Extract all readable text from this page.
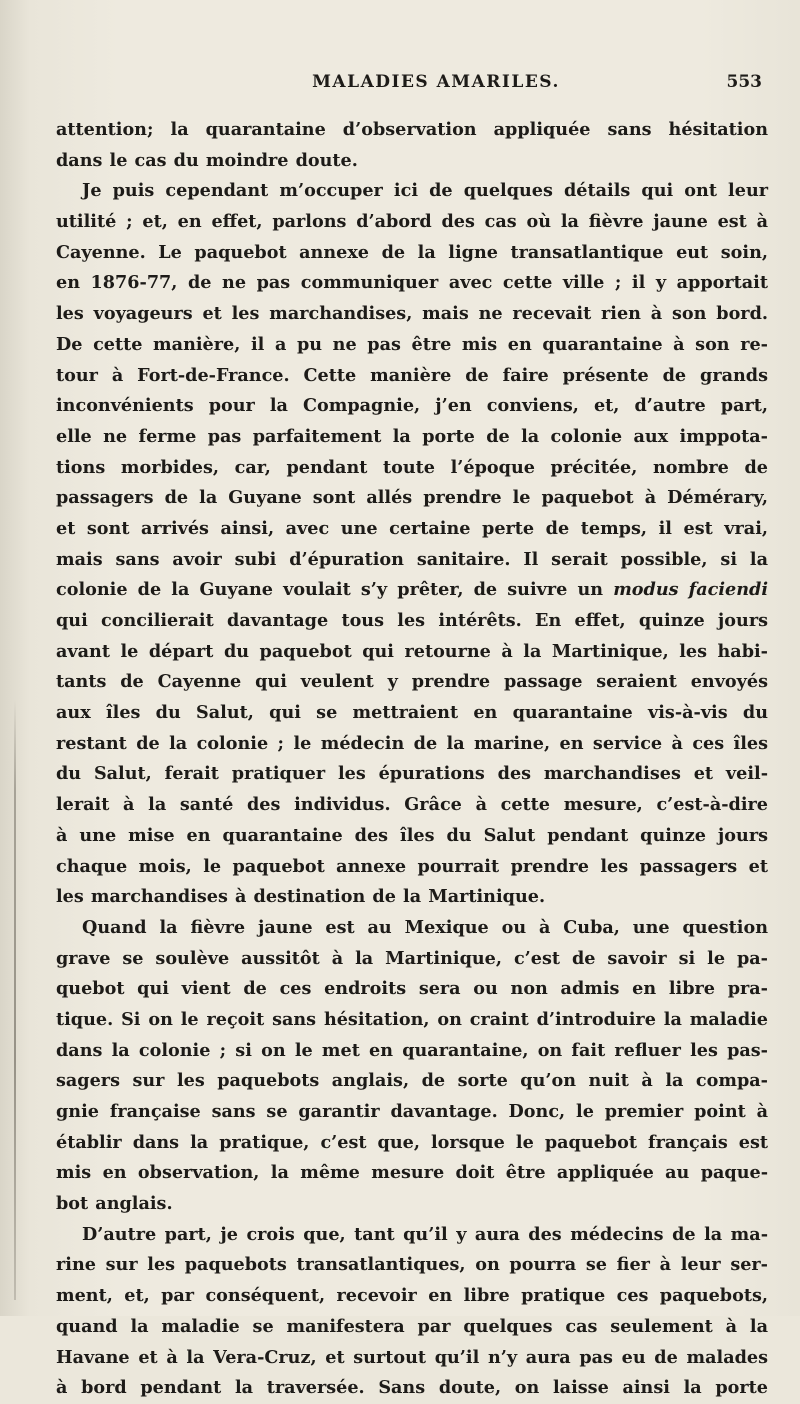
MALADIES AMARILES.	553
attention; la quarantaine d’observation appliquée sans hésitation
dans le cas du moindre doute.
Je puis cependant m’occuper ici de quelques détails qui ont leur
utilité ; et, en effet, parlons d’abord des cas où la fièvre jaune est à
Cayenne. Le paquebot annexe de la ligne transatlantique eut soin,
en 1876-77, de ne pas communiquer avec cette ville ; il y apportait
les voyageurs et les marchandises, mais ne recevait rien à son bord.
De cette manière, il a pu ne pas être mis en quarantaine à son re-
tour à Fort-de-France. Cette manière de faire présente de grands
inconvénients pour la Compagnie, j’en conviens, et, d’autre part,
elle ne ferme pas parfaitement la porte de la colonie aux imppota-
tions morbides, car, pendant toute l’époque précitée, nombre de
passagers de la Guyane sont allés prendre le paquebot à Démérary,
et sont arrivés ainsi, avec une certaine perte de temps, il est vrai,
mais sans avoir subi d’épuration sanitaire. Il serait possible, si la
colonie de la Guyane voulait s’y prêter, de suivre un modus faciendi
qui concilierait davantage tous les intérêts. En effet, quinze jours
avant le départ du paquebot qui retourne à la Martinique, les habi-
tants de Cayenne qui veulent y prendre passage seraient envoyés
aux îles du Salut, qui se mettraient en quarantaine vis-à-vis du
restant de la colonie ; le médecin de la marine, en service à ces îles
du Salut, ferait pratiquer les épurations des marchandises et veil-
lerait à la santé des individus. Grâce à cette mesure, c’est-à-dire
à une mise en quarantaine des îles du Salut pendant quinze jours
chaque mois, le paquebot annexe pourrait prendre les passagers et
les marchandises à destination de la Martinique.
Quand la fièvre jaune est au Mexique ou à Cuba, une question
grave se soulève aussitôt à la Martinique, c’est de savoir si le pa-
quebot qui vient de ces endroits sera ou non admis en libre pra-
tique. Si on le reçoit sans hésitation, on craint d’introduire la maladie
dans la colonie ; si on le met en quarantaine, on fait refluer les pas-
sagers sur les paquebots anglais, de sorte qu’on nuit à la compa-
gnie française sans se garantir davantage. Donc, le premier point à
établir dans la pratique, c’est que, lorsque le paquebot français est
mis en observation, la même mesure doit être appliquée au paque-
bot anglais.
D’autre part, je crois que, tant qu’il y aura des médecins de la ma-
rine sur les paquebots transatlantiques, on pourra se fier à leur ser-
ment, et, par conséquent, recevoir en libre pratique ces paquebots,
quand la maladie se manifestera par quelques cas seulement à la
Havane et à la Vera-Cruz, et surtout qu’il n’y aura pas eu de malades
à bord pendant la traversée. Sans doute, on laisse ainsi la porte
